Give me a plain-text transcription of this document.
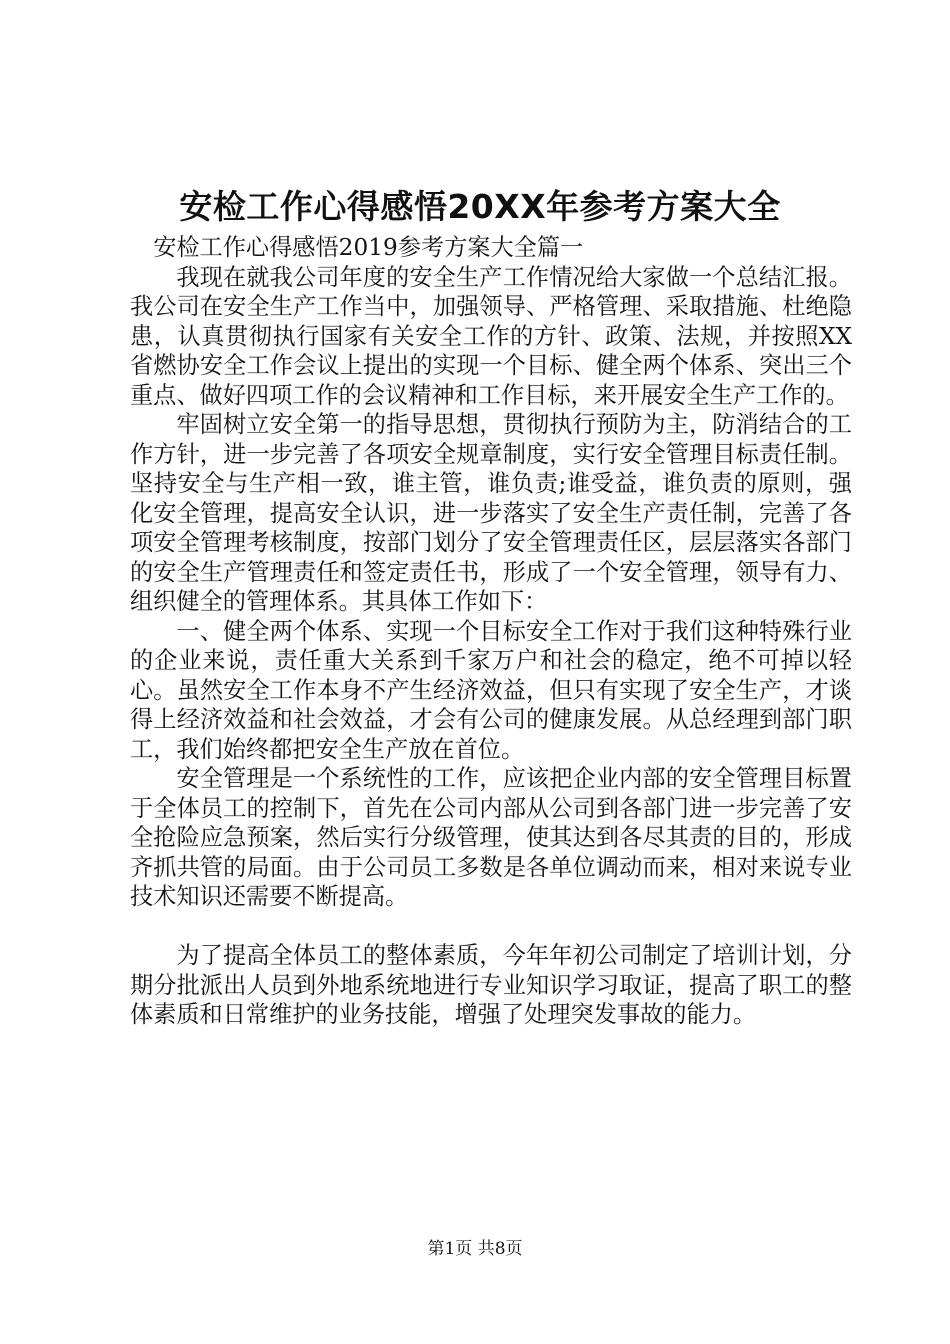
安检工作心得感悟20XX年参考方案大全

安检工作心得感悟2019参考方案大全篇一

我现在就我公司年度的安全生产工作情况给大家做一个总结汇报。我公司在安全生产工作当中，加强领导、严格管理、采取措施、杜绝隐患，认真贯彻执行国家有关安全工作的方针、政策、法规，并按照XX省燃协安全工作会议上提出的实现一个目标、健全两个体系、突出三个重点、做好四项工作的会议精神和工作目标，来开展安全生产工作的。

牢固树立安全第一的指导思想，贯彻执行预防为主，防消结合的工作方针，进一步完善了各项安全规章制度，实行安全管理目标责任制。坚持安全与生产相一致，谁主管，谁负责;谁受益，谁负责的原则，强化安全管理，提高安全认识，进一步落实了安全生产责任制，完善了各项安全管理考核制度，按部门划分了安全管理责任区，层层落实各部门的安全生产管理责任和签定责任书，形成了一个安全管理，领导有力、组织健全的管理体系。其具体工作如下：

一、健全两个体系、实现一个目标安全工作对于我们这种特殊行业的企业来说，责任重大关系到千家万户和社会的稳定，绝不可掉以轻心。虽然安全工作本身不产生经济效益，但只有实现了安全生产，才谈得上经济效益和社会效益，才会有公司的健康发展。从总经理到部门职工，我们始终都把安全生产放在首位。

安全管理是一个系统性的工作，应该把企业内部的安全管理目标置于全体员工的控制下，首先在公司内部从公司到各部门进一步完善了安全抢险应急预案，然后实行分级管理，使其达到各尽其责的目的，形成齐抓共管的局面。由于公司员工多数是各单位调动而来，相对来说专业技术知识还需要不断提高。

为了提高全体员工的整体素质，今年年初公司制定了培训计划，分期分批派出人员到外地系统地进行专业知识学习取证，提高了职工的整体素质和日常维护的业务技能，增强了处理突发事故的能力。

第1页 共8页
